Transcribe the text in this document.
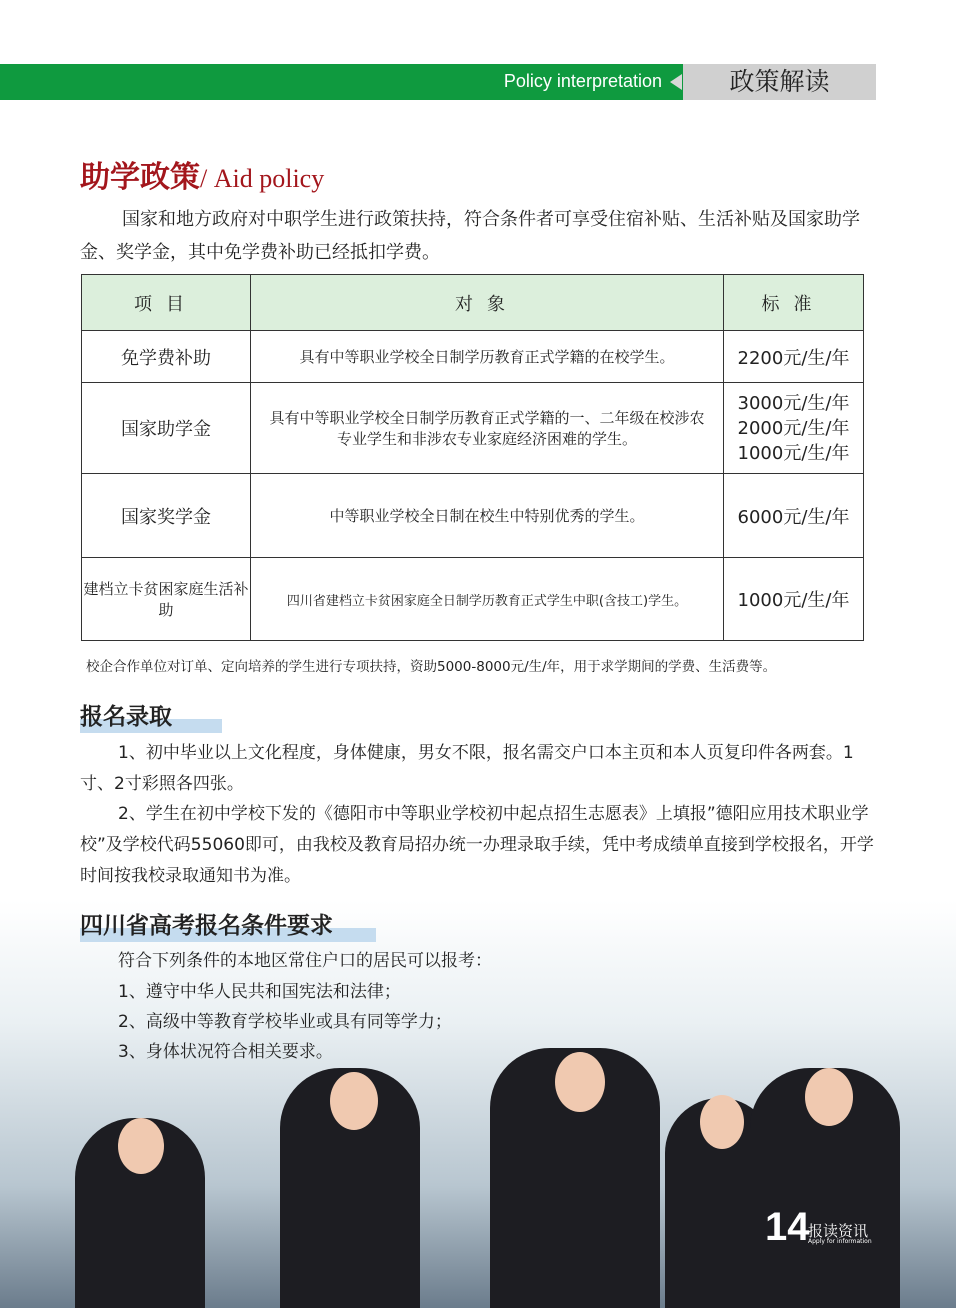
Policy interpretation	政策解读
助学政策/ Aid policy

国家和地方政府对中职学生进行政策扶持，符合条件者可享受住宿补贴、生活补贴及国家助学金、奖学金，其中免学费补助已经抵扣学费。

项目	对象	标准
免学费补助	具有中等职业学校全日制学历教育正式学籍的在校学生。	2200元/生/年
国家助学金	具有中等职业学校全日制学历教育正式学籍的一、二年级在校涉农专业学生和非涉农专业家庭经济困难的学生。	3000元/生/年 2000元/生/年 1000元/生/年
国家奖学金	中等职业学校全日制在校生中特别优秀的学生。	6000元/生/年
建档立卡贫困家庭生活补助	四川省建档立卡贫困家庭全日制学历教育正式学生中职(含技工)学生。	1000元/生/年

校企合作单位对订单、定向培养的学生进行专项扶持，资助5000-8000元/生/年，用于求学期间的学费、生活费等。

报名录取

1、初中毕业以上文化程度，身体健康，男女不限，报名需交户口本主页和本人页复印件各两套。1寸、2寸彩照各四张。

2、学生在初中学校下发的《德阳市中等职业学校初中起点招生志愿表》上填报”德阳应用技术职业学校”及学校代码55060即可，由我校及教育局招办统一办理录取手续，凭中考成绩单直接到学校报名，开学时间按我校录取通知书为准。

四川省高考报名条件要求

符合下列条件的本地区常住户口的居民可以报考：

1、遵守中华人民共和国宪法和法律；

2、高级中等教育学校毕业或具有同等学力；

3、身体状况符合相关要求。

14
报读资讯
Apply for information
